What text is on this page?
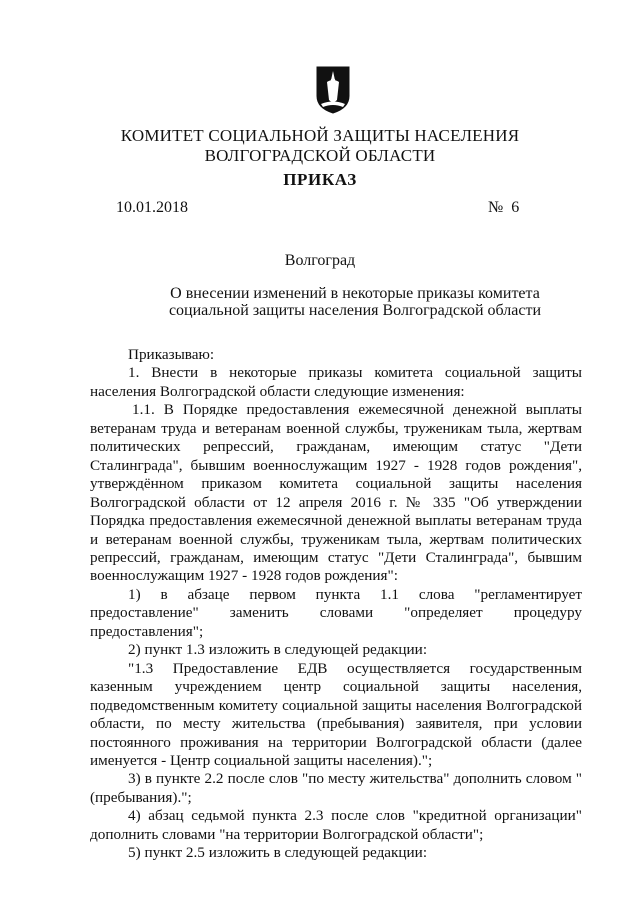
КОМИТЕТ СОЦИАЛЬНОЙ ЗАЩИТЫ НАСЕЛЕНИЯ
ВОЛГОГРАДСКОЙ ОБЛАСТИ
ПРИКАЗ
10.01.2018	№ 6
Волгоград
О внесении изменений в некоторые приказы комитета социальной защиты населения Волгоградской области

Приказываю:

1. Внести в некоторые приказы комитета социальной защиты населения Волгоградской области следующие изменения:

1.1. В Порядке предоставления ежемесячной денежной выплаты ветеранам труда и ветеранам военной службы, труженикам тыла, жертвам политических репрессий, гражданам, имеющим статус "Дети Сталинграда", бывшим военнослужащим 1927 - 1928 годов рождения", утверждённом приказом комитета социальной защиты населения Волгоградской области от 12 апреля 2016 г. № 335 "Об утверждении Порядка предоставления ежемесячной денежной выплаты ветеранам труда и ветеранам военной службы, труженикам тыла, жертвам политических репрессий, гражданам, имеющим статус "Дети Сталинграда", бывшим военнослужащим 1927 - 1928 годов рождения":

1) в абзаце первом пункта 1.1 слова "регламентирует предоставление" заменить словами "определяет процедуру предоставления";

2) пункт 1.3 изложить в следующей редакции:

"1.3 Предоставление ЕДВ осуществляется государственным казенным учреждением центр социальной защиты населения, подведомственным комитету социальной защиты населения Волгоградской области, по месту жительства (пребывания) заявителя, при условии постоянного проживания на территории Волгоградской области (далее именуется - Центр социальной защиты населения).";

3) в пункте 2.2 после слов "по месту жительства" дополнить словом "(пребывания).";

4) абзац седьмой пункта 2.3 после слов "кредитной организации" дополнить словами "на территории Волгоградской области";

5) пункт 2.5 изложить в следующей редакции:
